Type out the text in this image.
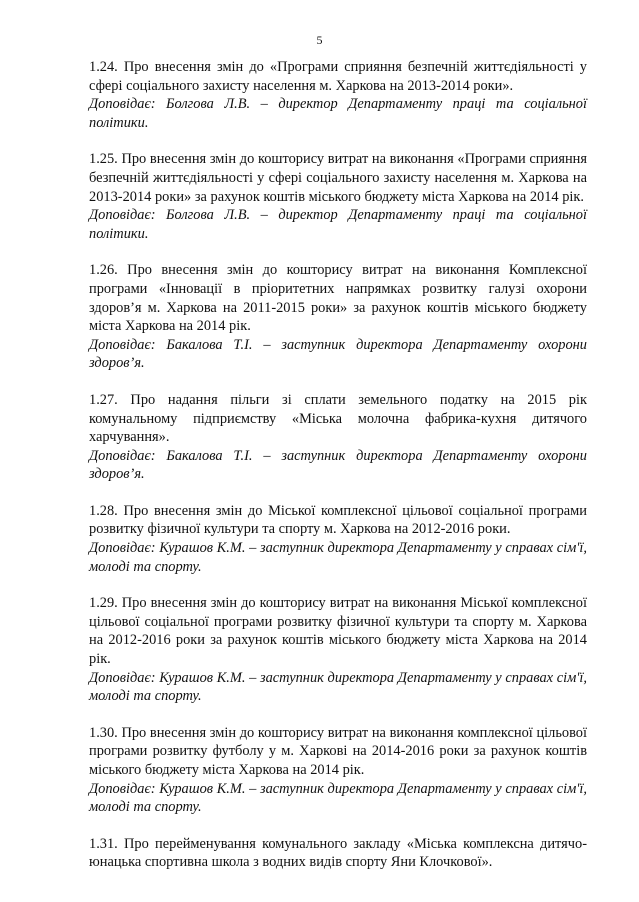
5

1.24. Про внесення змін до «Програми сприяння безпечній життєдіяльності у сфері соціального захисту населення м. Харкова на 2013-2014 роки».

Доповідає: Болгова Л.В. – директор Департаменту праці та соціальної політики.

1.25. Про внесення змін до кошторису витрат на виконання «Програми сприяння безпечній життєдіяльності у сфері соціального захисту населення м. Харкова на 2013-2014 роки» за рахунок коштів міського бюджету міста Харкова на 2014 рік.

Доповідає: Болгова Л.В. – директор Департаменту праці та соціальної політики.

1.26. Про внесення змін до кошторису витрат на виконання Комплексної програми «Інновації в пріоритетних напрямках розвитку галузі охорони здоров’я м. Харкова на 2011-2015 роки» за рахунок коштів міського бюджету міста Харкова на 2014 рік.

Доповідає: Бакалова Т.І. – заступник директора Департаменту охорони здоров’я.

1.27. Про надання пільги зі сплати земельного податку на 2015 рік комунальному підприємству «Міська молочна фабрика-кухня дитячого харчування».

Доповідає: Бакалова Т.І. – заступник директора Департаменту охорони здоров’я.

1.28. Про внесення змін до Міської комплексної цільової соціальної програми розвитку фізичної культури та спорту м. Харкова на 2012-2016 роки.

Доповідає: Курашов К.М. – заступник директора Департаменту у справах сім'ї, молоді та спорту.

1.29. Про внесення змін до кошторису витрат на виконання Міської комплексної цільової соціальної програми розвитку фізичної культури та спорту м. Харкова на 2012-2016 роки за рахунок коштів міського бюджету міста Харкова на 2014 рік.

Доповідає: Курашов К.М. – заступник директора Департаменту у справах сім'ї, молоді та спорту.

1.30. Про внесення змін до кошторису витрат на виконання комплексної цільової програми розвитку футболу у м. Харкові на 2014-2016 роки за рахунок коштів міського бюджету міста Харкова на 2014 рік.

Доповідає: Курашов К.М. – заступник директора Департаменту у справах сім'ї, молоді та спорту.

1.31. Про перейменування комунального закладу «Міська комплексна дитячо-юнацька спортивна школа з водних видів спорту Яни Клочкової».
